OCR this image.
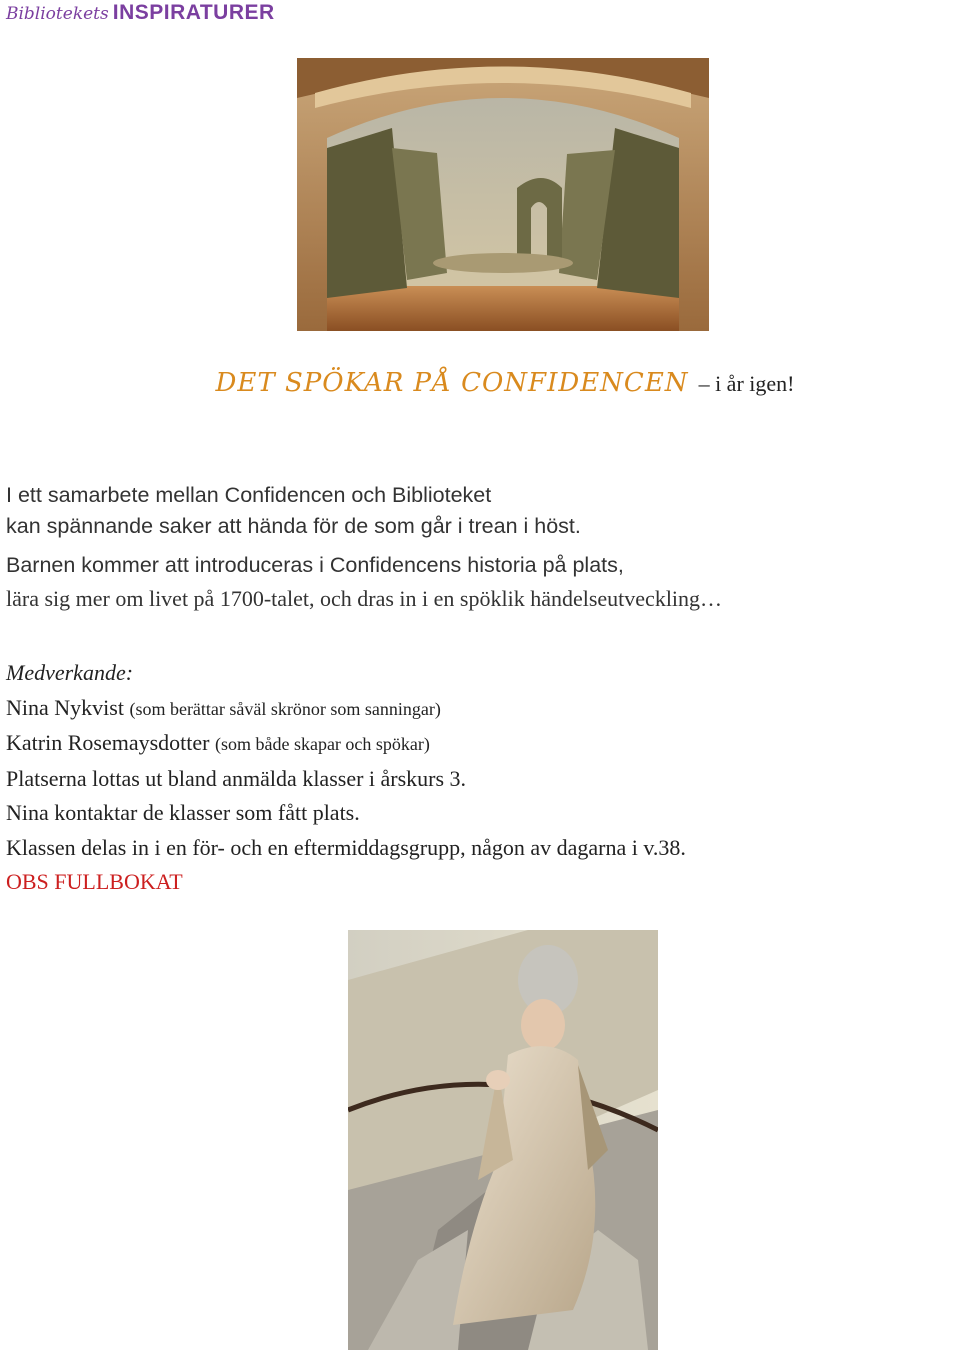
Bibliotekets INSPIRATURER
DET SPÖKAR PÅ CONFIDENCEN – i år igen!
I ett samarbete mellan Confidencen och Biblioteket
kan spännande saker att hända för de som går i trean i höst.
Barnen kommer att introduceras i Confidencens historia på plats,
lära sig mer om livet på 1700-talet, och dras in i en spöklik händelseutveckling…
Medverkande:
Nina Nykvist (som berättar såväl skrönor som sanningar)
Katrin Rosemaysdotter (som både skapar och spökar)
Platserna lottas ut bland anmälda klasser i årskurs 3.
Nina kontaktar de klasser som fått plats.
Klassen delas in i en för- och en eftermiddagsgrupp, någon av dagarna i v.38.
OBS FULLBOKAT
